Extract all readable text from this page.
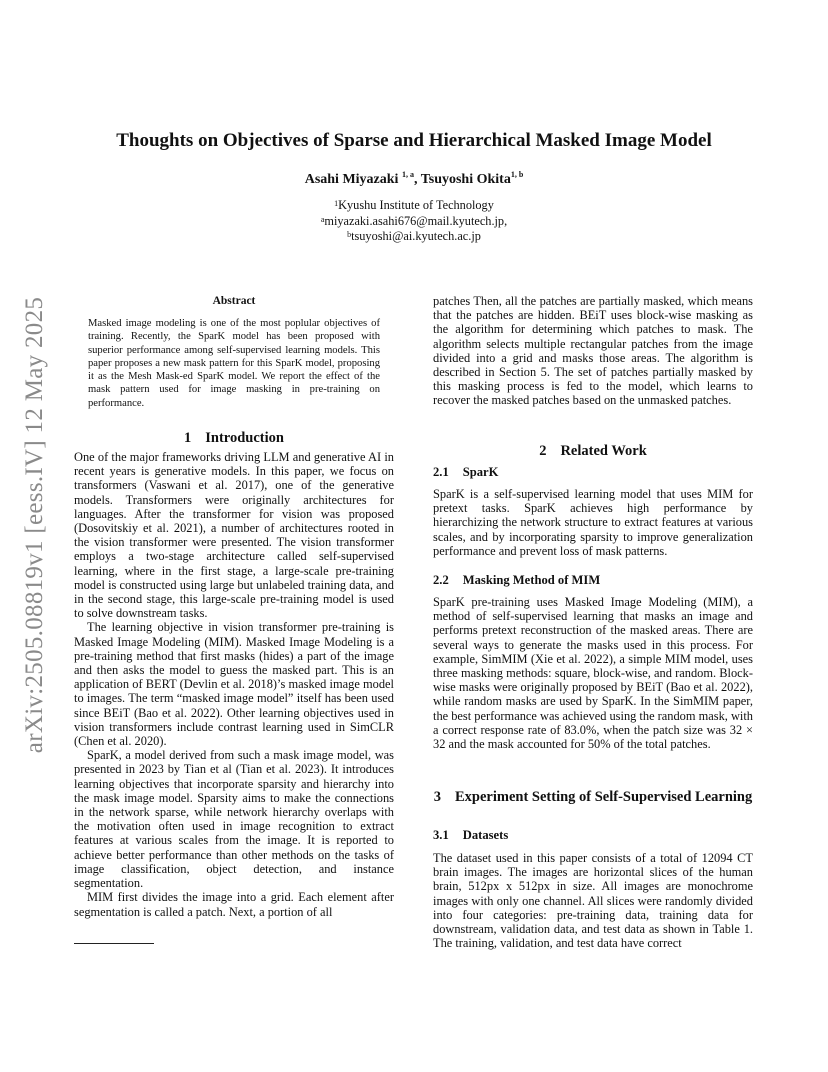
arXiv:2505.08819v1 [eess.IV] 12 May 2025
Thoughts on Objectives of Sparse and Hierarchical Masked Image Model
Asahi Miyazaki $^{1, a}$, Tsuyoshi Okita$^{1, b}$
$^1$Kyushu Institute of Technology
$^a$miyazaki.asahi676@mail.kyutech.jp,
$^b$tsuyoshi@ai.kyutech.ac.jp
Abstract
Masked image modeling is one of the most poplular objectives of training. Recently, the SparK model has been proposed with superior performance among self-supervised learning models. This paper proposes a new mask pattern for this SparK model, proposing it as the Mesh Mask-ed SparK model. We report the effect of the mask pattern used for image masking in pre-training on performance.
1 Introduction

One of the major frameworks driving LLM and generative AI in recent years is generative models. In this paper, we focus on transformers (Vaswani et al. 2017), one of the generative models. Transformers were originally architectures for languages. After the transformer for vision was proposed (Dosovitskiy et al. 2021), a number of architectures rooted in the vision transformer were presented. The vision transformer employs a two-stage architecture called self-supervised learning, where in the first stage, a large-scale pre-training model is constructed using large but unlabeled training data, and in the second stage, this large-scale pre-training model is used to solve downstream tasks.

The learning objective in vision transformer pre-training is Masked Image Modeling (MIM). Masked Image Modeling is a pre-training method that first masks (hides) a part of the image and then asks the model to guess the masked part. This is an application of BERT (Devlin et al. 2018)’s masked image model to images. The term “masked image model” itself has been used since BEiT (Bao et al. 2022). Other learning objectives used in vision transformers include contrast learning used in SimCLR (Chen et al. 2020).

SparK, a model derived from such a mask image model, was presented in 2023 by Tian et al (Tian et al. 2023). It introduces learning objectives that incorporate sparsity and hierarchy into the mask image model. Sparsity aims to make the connections in the network sparse, while network hierarchy overlaps with the motivation often used in image recognition to extract features at various scales from the image. It is reported to achieve better performance than other methods on the tasks of image classification, object detection, and instance segmentation.

MIM first divides the image into a grid. Each element after segmentation is called a patch. Next, a portion of all

patches Then, all the patches are partially masked, which means that the patches are hidden. BEiT uses block-wise masking as the algorithm for determining which patches to mask. The algorithm selects multiple rectangular patches from the image divided into a grid and masks those areas. The algorithm is described in Section 5. The set of patches partially masked by this masking process is fed to the model, which learns to recover the masked patches based on the unmasked patches.

2 Related Work
2.1 SparK

SparK is a self-supervised learning model that uses MIM for pretext tasks. SparK achieves high performance by hierarchizing the network structure to extract features at various scales, and by incorporating sparsity to improve generalization performance and prevent loss of mask patterns.

2.2 Masking Method of MIM

SparK pre-training uses Masked Image Modeling (MIM), a method of self-supervised learning that masks an image and performs pretext reconstruction of the masked areas. There are several ways to generate the masks used in this process. For example, SimMIM (Xie et al. 2022), a simple MIM model, uses three masking methods: square, block-wise, and random. Block-wise masks were originally proposed by BEiT (Bao et al. 2022), while random masks are used by SparK. In the SimMIM paper, the best performance was achieved using the random mask, with a correct response rate of 83.0%, when the patch size was 32 × 32 and the mask accounted for 50% of the total patches.

3 Experiment Setting of Self-Supervised Learning
3.1 Datasets

The dataset used in this paper consists of a total of 12094 CT brain images. The images are horizontal slices of the human brain, 512px x 512px in size. All images are monochrome images with only one channel. All slices were randomly divided into four categories: pre-training data, training data for downstream, validation data, and test data as shown in Table 1. The training, validation, and test data have correct
